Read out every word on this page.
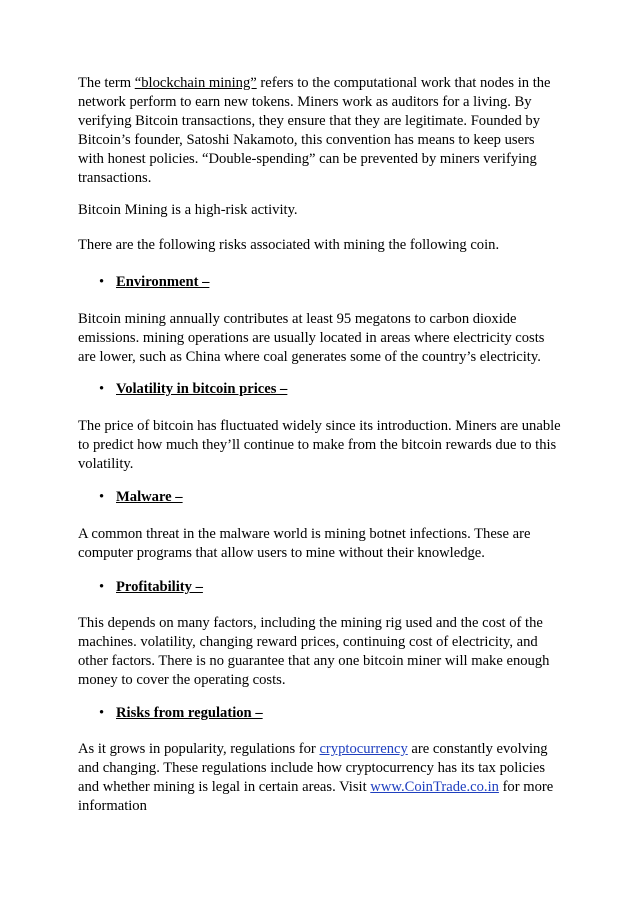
The term “blockchain mining” refers to the computational work that nodes in the network perform to earn new tokens. Miners work as auditors for a living. By verifying Bitcoin transactions, they ensure that they are legitimate. Founded by Bitcoin’s founder, Satoshi Nakamoto, this convention has means to keep users with honest policies. “Double-spending” can be prevented by miners verifying transactions.

Bitcoin Mining is a high-risk activity.

There are the following risks associated with mining the following coin.

• Environment –

Bitcoin mining annually contributes at least 95 megatons to carbon dioxide emissions. mining operations are usually located in areas where electricity costs are lower, such as China where coal generates some of the country’s electricity.

• Volatility in bitcoin prices –

The price of bitcoin has fluctuated widely since its introduction. Miners are unable to predict how much they’ll continue to make from the bitcoin rewards due to this volatility.

• Malware –

A common threat in the malware world is mining botnet infections. These are computer programs that allow users to mine without their knowledge.

• Profitability –

This depends on many factors, including the mining rig used and the cost of the machines. volatility, changing reward prices, continuing cost of electricity, and other factors. There is no guarantee that any one bitcoin miner will make enough money to cover the operating costs.

• Risks from regulation –

As it grows in popularity, regulations for cryptocurrency are constantly evolving and changing. These regulations include how cryptocurrency has its tax policies and whether mining is legal in certain areas. Visit www.CoinTrade.co.in for more information
